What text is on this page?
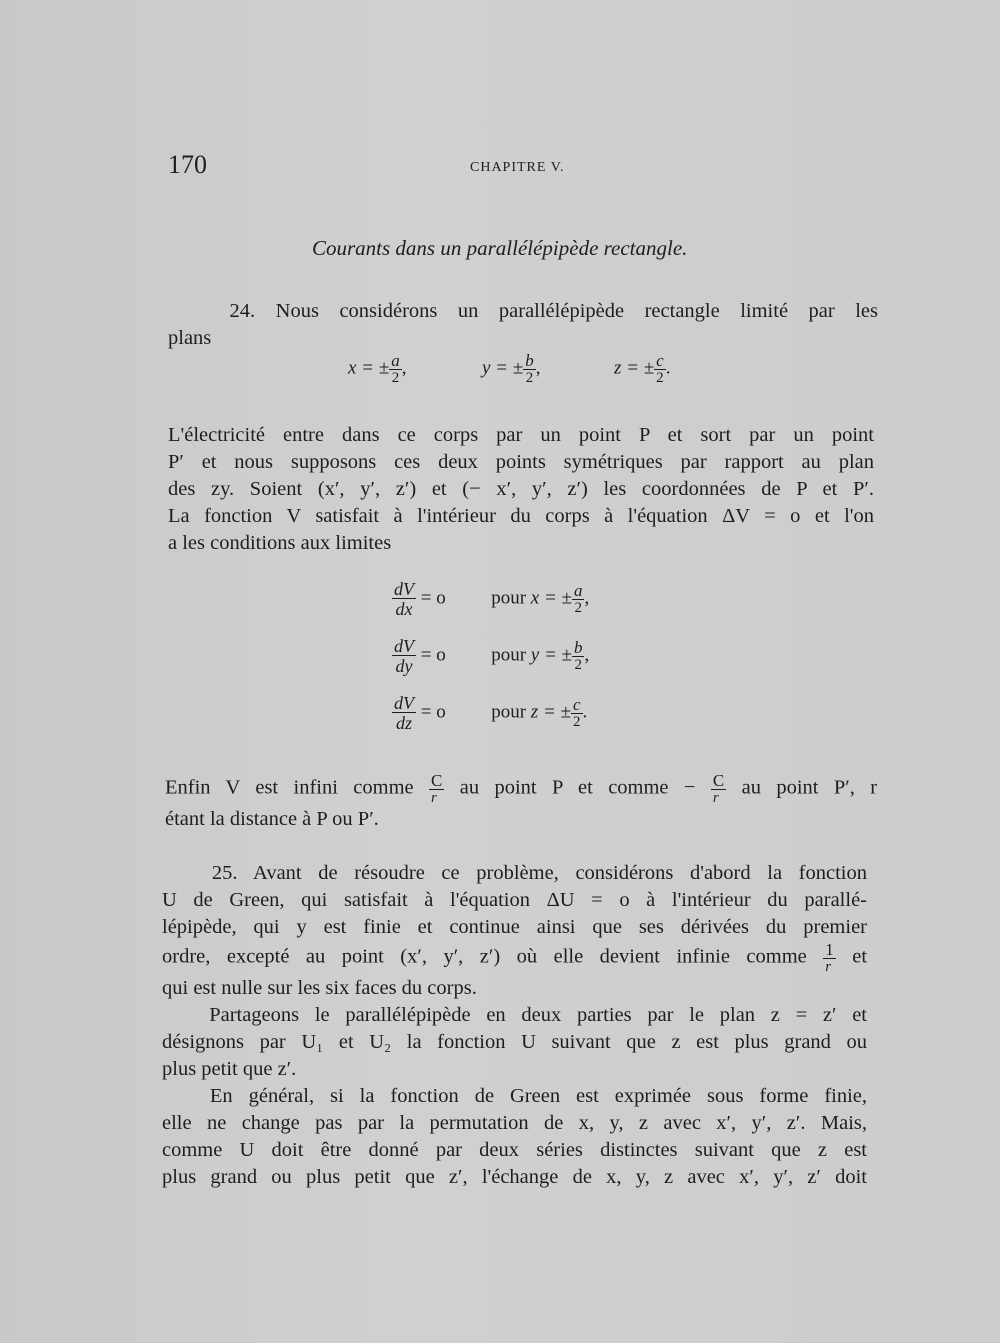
170	CHAPITRE V.
Courants dans un parallélépipède rectangle.
24. Nous considérons un parallélépipède rectangle limité par les
plans
x = ± $\frac{a}{2}$ ,	y = ± $\frac{b}{2}$ ,	z = ± $\frac{c}{2}$ .
L'électricité entre dans ce corps par un point P et sort par un point
P′ et nous supposons ces deux points symétriques par rapport au plan
des zy. Soient (x′, y′, z′) et (− x′, y′, z′) les coordonnées de P et P′.
La fonction V satisfait à l'intérieur du corps à l'équation ΔV = o et l'on
a les conditions aux limites
$\frac{dV}{dx} = o$ pour x = ± $\frac{a}{2}$ ,
$\frac{dV}{dy} = o$ pour y = ± $\frac{b}{2}$ ,
$\frac{dV}{dz} = o$ pour z = ± $\frac{c}{2}$ .
Enfin V est infini comme $\frac{C}{r}$ au point P et comme − $\frac{C}{r}$ au point P′, r
étant la distance à P ou P′.
25. Avant de résoudre ce problème, considérons d'abord la fonction
U de Green, qui satisfait à l'équation ΔU = o à l'intérieur du parallé-
lépipède, qui y est finie et continue ainsi que ses dérivées du premier
ordre, excepté au point (x′, y′, z′) où elle devient infinie comme $\frac{1}{r}$ et
qui est nulle sur les six faces du corps.
Partageons le parallélépipède en deux parties par le plan z = z′ et
désignons par U₁ et U₂ la fonction U suivant que z est plus grand ou
plus petit que z′.
En général, si la fonction de Green est exprimée sous forme finie,
elle ne change pas par la permutation de x, y, z avec x′, y′, z′. Mais,
comme U doit être donné par deux séries distinctes suivant que z est
plus grand ou plus petit que z′, l'échange de x, y, z avec x′, y′, z′ doit
